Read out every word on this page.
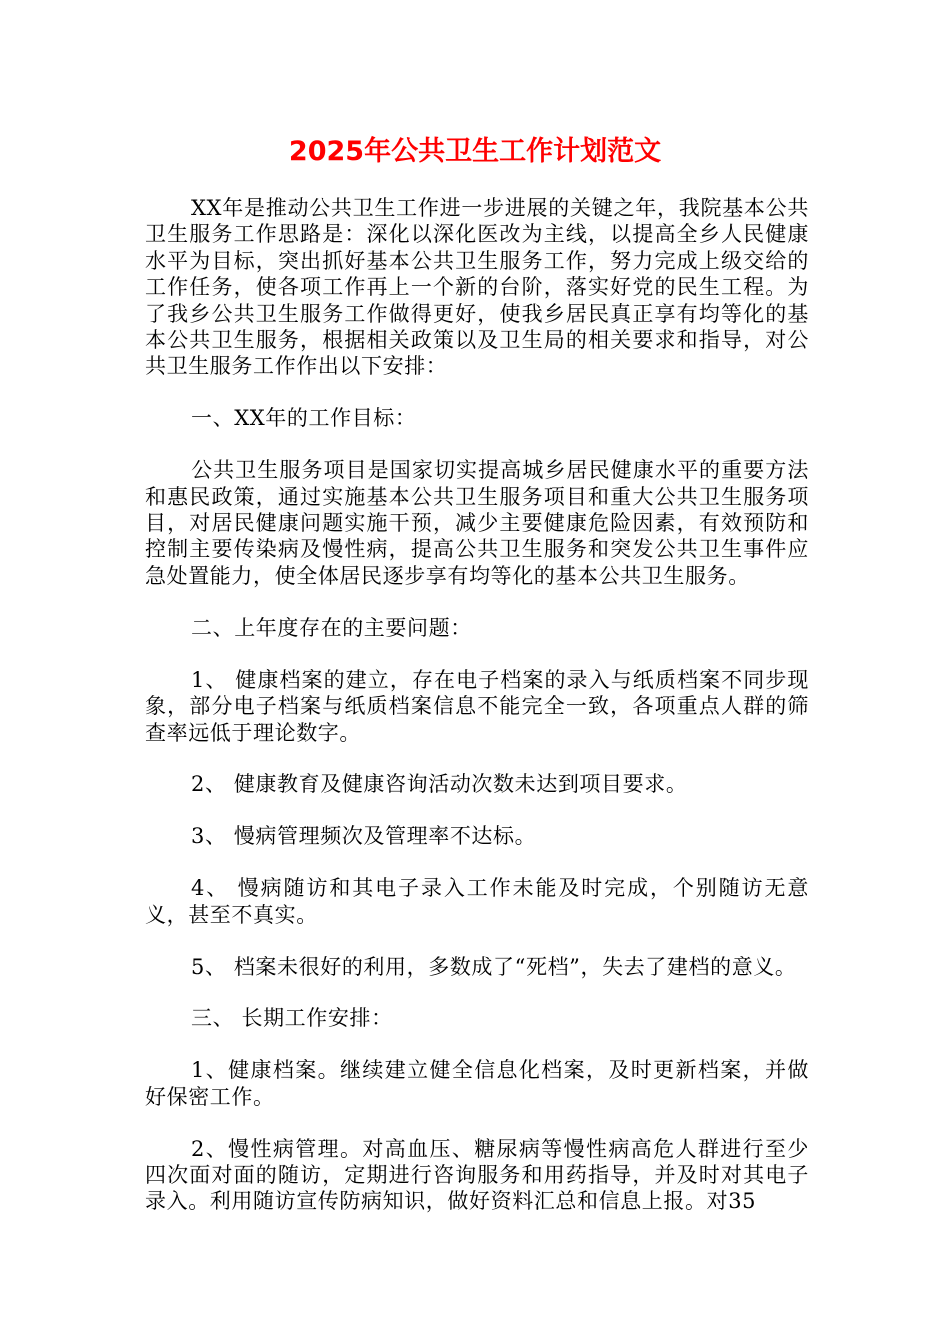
2025年公共卫生工作计划范文

XX年是推动公共卫生工作进一步进展的关键之年，我院基本公共卫生服务工作思路是：深化以深化医改为主线，以提高全乡人民健康水平为目标，突出抓好基本公共卫生服务工作，努力完成上级交给的工作任务，使各项工作再上一个新的台阶，落实好党的民生工程。为了我乡公共卫生服务工作做得更好，使我乡居民真正享有均等化的基本公共卫生服务，根据相关政策以及卫生局的相关要求和指导，对公共卫生服务工作作出以下安排：

一、XX年的工作目标：

公共卫生服务项目是国家切实提高城乡居民健康水平的重要方法和惠民政策，通过实施基本公共卫生服务项目和重大公共卫生服务项目，对居民健康问题实施干预，减少主要健康危险因素，有效预防和控制主要传染病及慢性病，提高公共卫生服务和突发公共卫生事件应急处置能力，使全体居民逐步享有均等化的基本公共卫生服务。

二、上年度存在的主要问题：

1、 健康档案的建立，存在电子档案的录入与纸质档案不同步现象，部分电子档案与纸质档案信息不能完全一致，各项重点人群的筛查率远低于理论数字。

2、 健康教育及健康咨询活动次数未达到项目要求。

3、 慢病管理频次及管理率不达标。

4、 慢病随访和其电子录入工作未能及时完成，个别随访无意义，甚至不真实。

5、 档案未很好的利用，多数成了“死档”，失去了建档的意义。

三、 长期工作安排：

1、健康档案。继续建立健全信息化档案，及时更新档案，并做好保密工作。

2、慢性病管理。对高血压、糖尿病等慢性病高危人群进行至少四次面对面的随访，定期进行咨询服务和用药指导，并及时对其电子录入。利用随访宣传防病知识，做好资料汇总和信息上报。对35
